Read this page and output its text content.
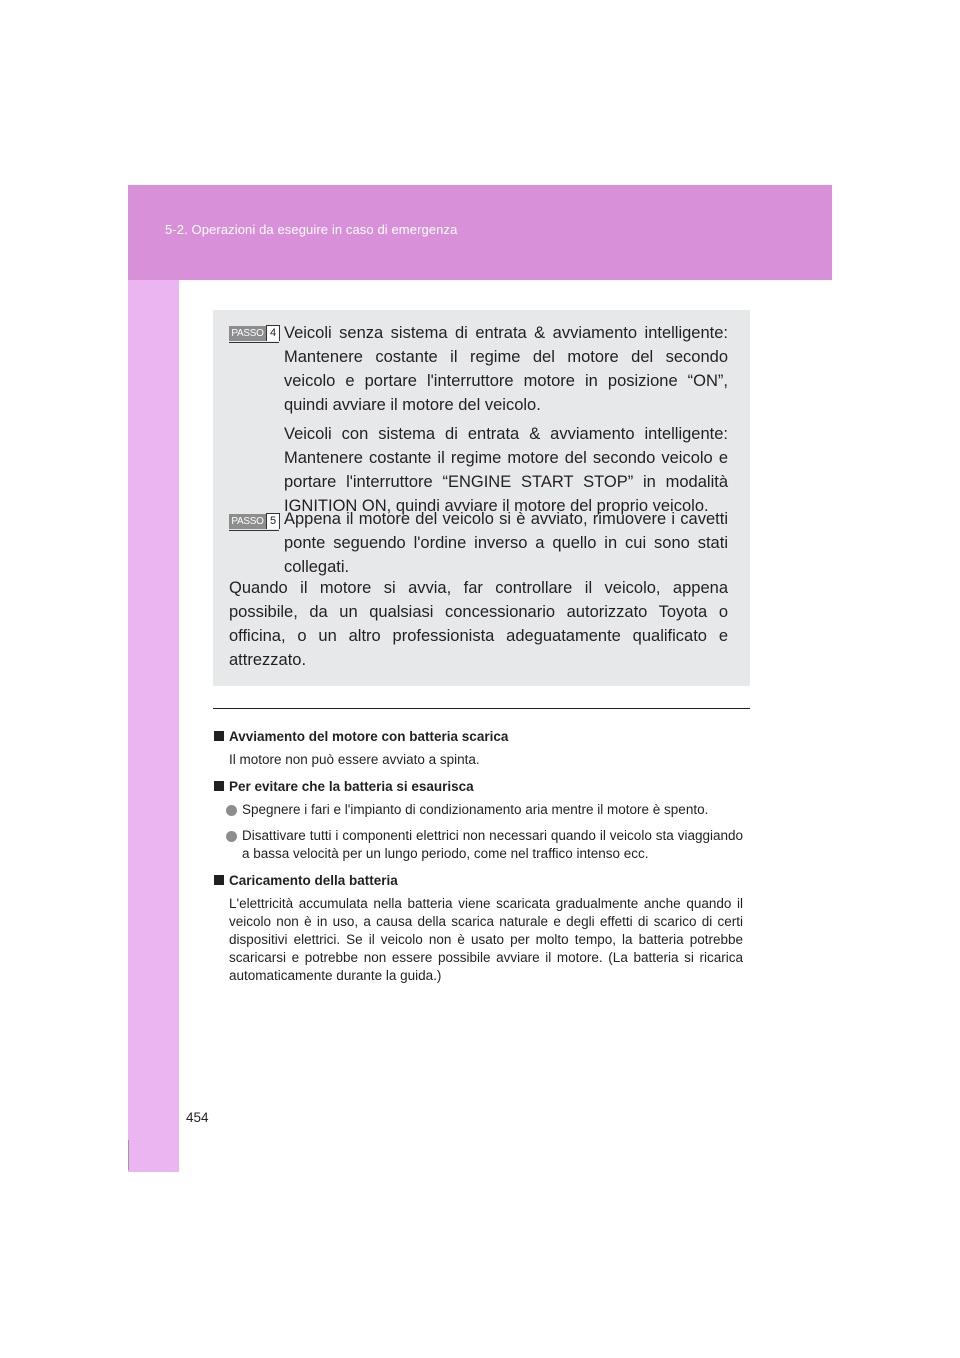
5-2. Operazioni da eseguire in caso di emergenza
PASSO 4 Veicoli senza sistema di entrata & avviamento intelligente: Mantenere costante il regime del motore del secondo veicolo e portare l'interruttore motore in posizione “ON”, quindi avviare il motore del veicolo.
Veicoli con sistema di entrata & avviamento intelligente: Mantenere costante il regime motore del secondo veicolo e portare l'interruttore “ENGINE START STOP” in modalità IGNITION ON, quindi avviare il motore del proprio veicolo.
PASSO 5 Appena il motore del veicolo si è avviato, rimuovere i cavetti ponte seguendo l'ordine inverso a quello in cui sono stati collegati.
Quando il motore si avvia, far controllare il veicolo, appena possibile, da un qualsiasi concessionario autorizzato Toyota o officina, o un altro professionista adeguatamente qualificato e attrezzato.
Avviamento del motore con batteria scarica
Il motore non può essere avviato a spinta.
Per evitare che la batteria si esaurisca
Spegnere i fari e l'impianto di condizionamento aria mentre il motore è spento.
Disattivare tutti i componenti elettrici non necessari quando il veicolo sta viaggiando a bassa velocità per un lungo periodo, come nel traffico intenso ecc.
Caricamento della batteria
L'elettricità accumulata nella batteria viene scaricata gradualmente anche quando il veicolo non è in uso, a causa della scarica naturale e degli effetti di scarico di certi dispositivi elettrici. Se il veicolo non è usato per molto tempo, la batteria potrebbe scaricarsi e potrebbe non essere possibile avviare il motore. (La batteria si ricarica automaticamente durante la guida.)
454
